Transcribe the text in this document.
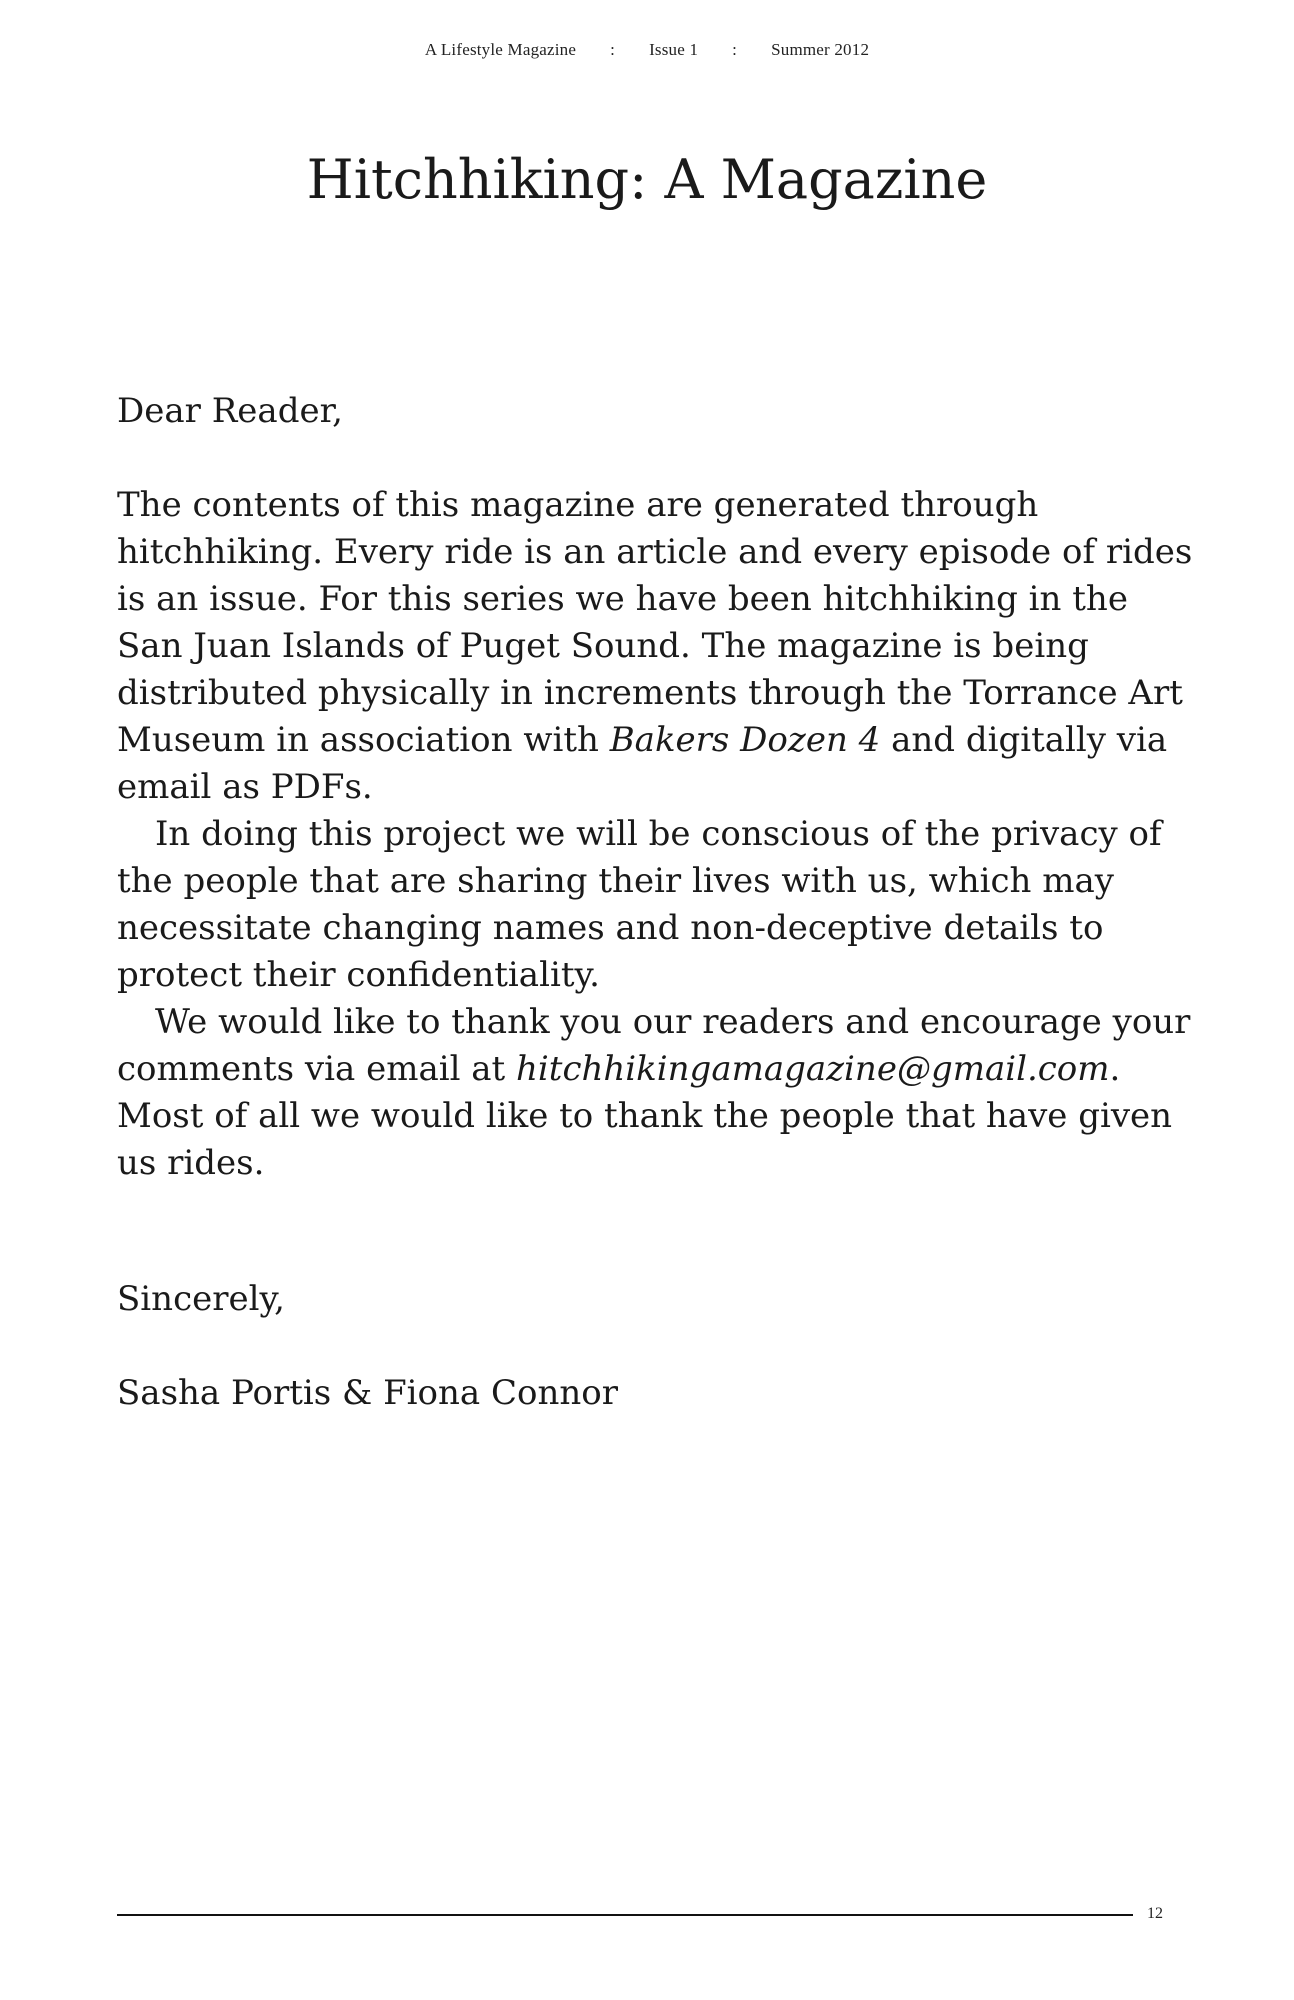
A Lifestyle Magazine : Issue 1 : Summer 2012
Hitchhiking: A Magazine

Dear Reader,

The contents of this magazine are generated through hitchhiking. Every ride is an article and every episode of rides is an issue. For this series we have been hitchhiking in the San Juan Islands of Puget Sound. The magazine is being distributed physically in increments through the Torrance Art Museum in association with Bakers Dozen 4 and digitally via email as PDFs.

In doing this project we will be conscious of the privacy of the people that are sharing their lives with us, which may necessitate changing names and non-deceptive details to protect their confidentiality.

We would like to thank you our readers and encourage your comments via email at hitchhikingamagazine@gmail.com. Most of all we would like to thank the people that have given us rides.

Sincerely,

Sasha Portis & Fiona Connor

12
